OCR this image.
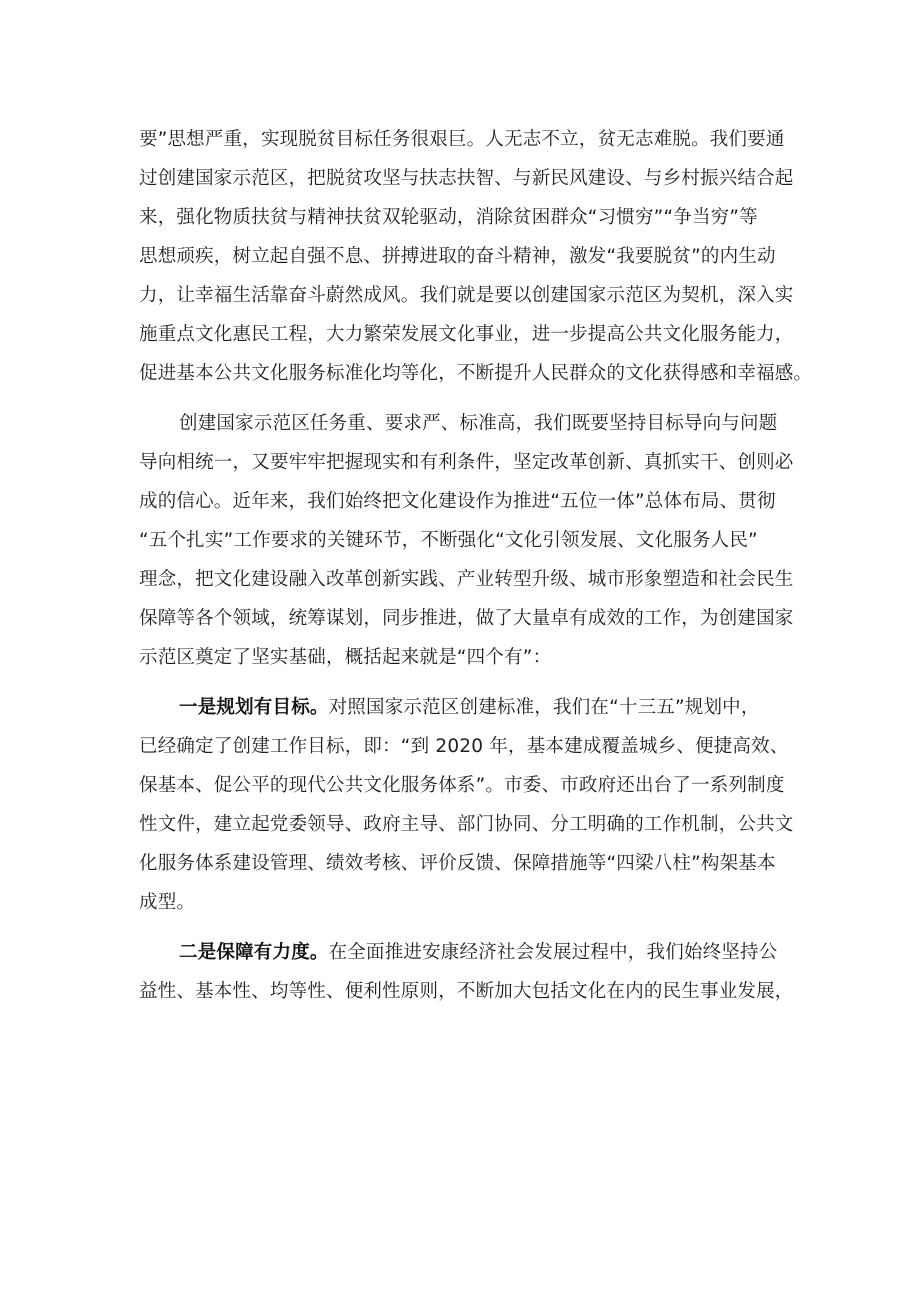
要”思想严重，实现脱贫目标任务很艰巨。人无志不立，贫无志难脱。我们要通
过创建国家示范区，把脱贫攻坚与扶志扶智、与新民风建设、与乡村振兴结合起
来，强化物质扶贫与精神扶贫双轮驱动，消除贫困群众“习惯穷”“争当穷”等
思想顽疾，树立起自强不息、拼搏进取的奋斗精神，激发“我要脱贫”的内生动
力，让幸福生活靠奋斗蔚然成风。我们就是要以创建国家示范区为契机，深入实
施重点文化惠民工程，大力繁荣发展文化事业，进一步提高公共文化服务能力，
促进基本公共文化服务标准化均等化，不断提升人民群众的文化获得感和幸福感。
创建国家示范区任务重、要求严、标准高，我们既要坚持目标导向与问题
导向相统一，又要牢牢把握现实和有利条件，坚定改革创新、真抓实干、创则必
成的信心。近年来，我们始终把文化建设作为推进“五位一体”总体布局、贯彻
“五个扎实”工作要求的关键环节，不断强化“文化引领发展、文化服务人民”
理念，把文化建设融入改革创新实践、产业转型升级、城市形象塑造和社会民生
保障等各个领域，统筹谋划，同步推进，做了大量卓有成效的工作，为创建国家
示范区奠定了坚实基础，概括起来就是“四个有”：
一是规划有目标。对照国家示范区创建标准，我们在“十三五”规划中，
已经确定了创建工作目标，即：“到 2020 年，基本建成覆盖城乡、便捷高效、
保基本、促公平的现代公共文化服务体系”。市委、市政府还出台了一系列制度
性文件，建立起党委领导、政府主导、部门协同、分工明确的工作机制，公共文
化服务体系建设管理、绩效考核、评价反馈、保障措施等“四梁八柱”构架基本
成型。
二是保障有力度。在全面推进安康经济社会发展过程中，我们始终坚持公
益性、基本性、均等性、便利性原则，不断加大包括文化在内的民生事业发展，
